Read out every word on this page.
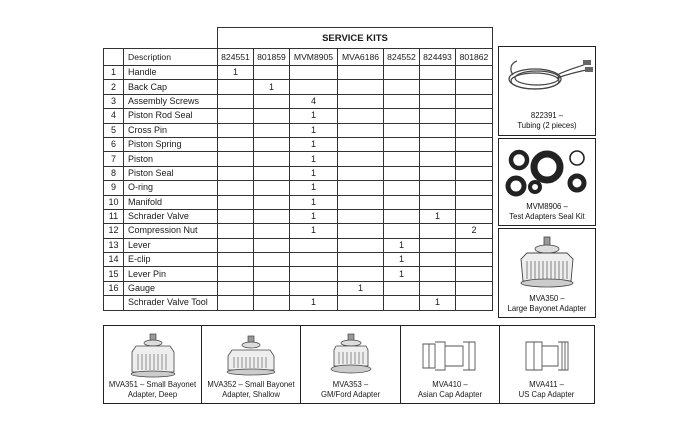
		SERVICE KITS						
	Description	824551	801859	MVM8905	MVA6186	824552	824493	801862
1	Handle	1						
2	Back Cap		1					
3	Assembly Screws			4				
4	Piston Rod Seal			1				
5	Cross Pin			1				
6	Piston Spring			1				
7	Piston			1				
8	Piston Seal			1				
9	O-ring			1				
10	Manifold			1				
11	Schrader Valve			1			1	
12	Compression Nut			1				2
13	Lever					1		
14	E-clip					1		
15	Lever Pin					1		
16	Gauge				1			
	Schrader Valve Tool			1			1	
822391 –
Tubing (2 pieces)
MVM8906 –
Test Adapters Seal Kit
MVA350 –
Large Bayonet Adapter
MVA351 – Small Bayonet
Adapter, Deep
MVA352 – Small Bayonet
Adapter, Shallow
MVA353 –
GM/Ford Adapter
MVA410 –
Asian Cap Adapter
MVA411 –
US Cap Adapter
